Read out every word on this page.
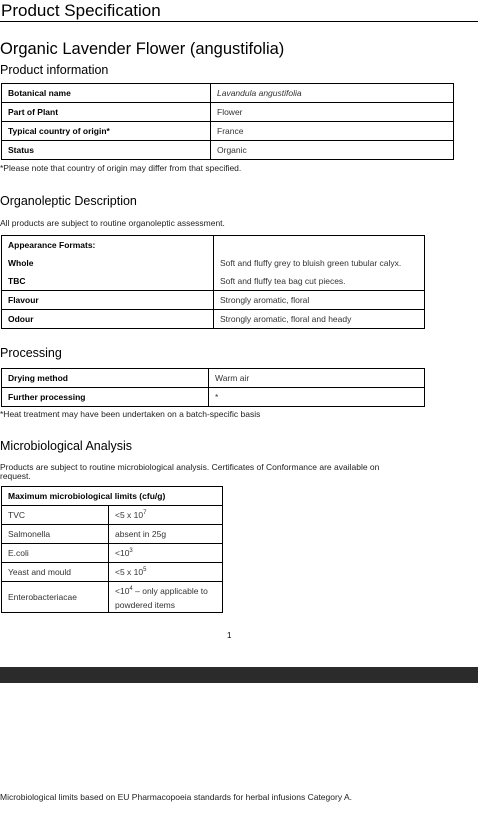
Product Specification
Organic Lavender Flower (angustifolia)
Product information
Botanical name	Lavandula angustifolia
Part of Plant	Flower
Typical country of origin*	France
Status	Organic
*Please note that country of origin may differ from that specified.
Organoleptic Description
All products are subject to routine organoleptic assessment.
Appearance Formats:	
Whole	Soft and fluffy grey to bluish green tubular calyx.
TBC	Soft and fluffy tea bag cut pieces.
Flavour	Strongly aromatic, floral
Odour	Strongly aromatic, floral and heady
Processing
Drying method	Warm air
Further processing	*
*Heat treatment may have been undertaken on a batch-specific basis
Microbiological Analysis
Products are subject to routine microbiological analysis. Certificates of Conformance are available on
request.
Maximum microbiological limits (cfu/g)	
TVC	<5 x $10^7$
Salmonella	absent in 25g
E.coli	$<10^3$
Yeast and mould	<5 x $10^5$
Enterobacteriacae	$<10^4$ – only applicable to
powdered items
1
Microbiological limits based on EU Pharmacopoeia standards for herbal infusions Category A.
